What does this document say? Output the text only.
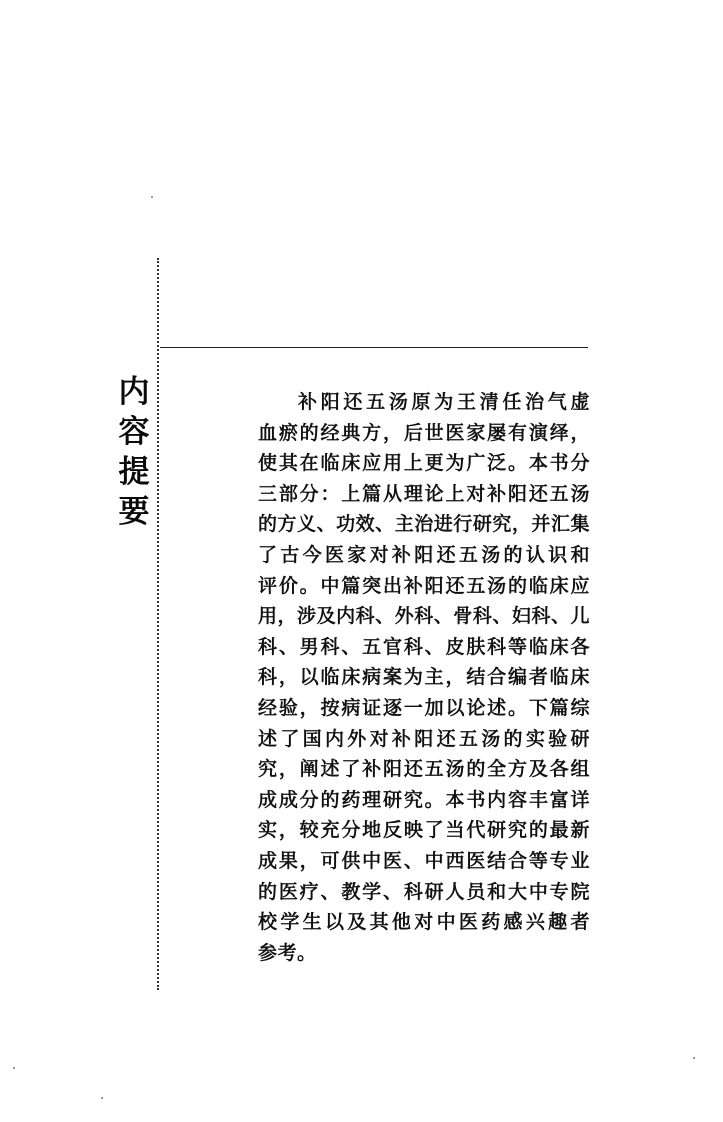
内
容
提
要
补阳还五汤原为王清任治气虚
血瘀的经典方，后世医家屡有演绎，
使其在临床应用上更为广泛。本书分
三部分：上篇从理论上对补阳还五汤
的方义、功效、主治进行研究，并汇集
了古今医家对补阳还五汤的认识和
评价。中篇突出补阳还五汤的临床应
用，涉及内科、外科、骨科、妇科、儿
科、男科、五官科、皮肤科等临床各
科，以临床病案为主，结合编者临床
经验，按病证逐一加以论述。下篇综
述了国内外对补阳还五汤的实验研
究，阐述了补阳还五汤的全方及各组
成成分的药理研究。本书内容丰富详
实，较充分地反映了当代研究的最新
成果，可供中医、中西医结合等专业
的医疗、教学、科研人员和大中专院
校学生以及其他对中医药感兴趣者
参考。
